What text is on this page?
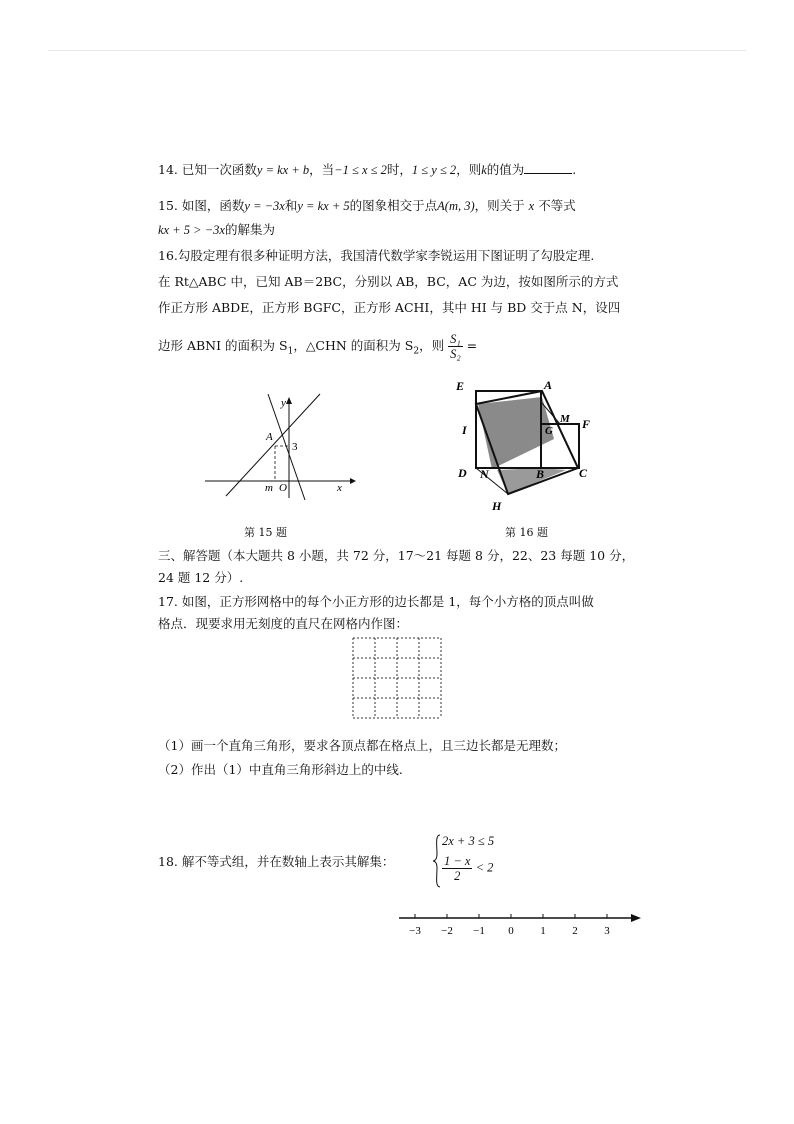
14. 已知一次函数y = kx + b，当−1 ≤ x ≤ 2时，1 ≤ y ≤ 2，则k的值为	.
15. 如图，函数y = −3x和y = kx + 5的图象相交于点A(m, 3)，则关于 x 不等式
kx + 5 > −3x的解集为
16.勾股定理有很多种证明方法，我国清代数学家李锐运用下图证明了勾股定理.
在 Rt△ABC 中，已知 AB＝2BC，分别以 AB，BC，AC 为边，按如图所示的方式
作正方形 ABDE，正方形 BGFC，正方形 ACHI，其中 HI 与 BD 交于点 N，设四
边形 ABNI 的面积为 $S_1$，△CHN 的面积为 $S_2$，则 $\frac{\text{S₁}}{\text{S₂}}$ =
y
x
A
3
m O
第 15 题
E	A
M F
I	G
D N	B	C
H
第 16 题
三、解答题（本大题共 8 小题，共 72 分，17～21 每题 8 分，22、23 每题 10 分，
24 题 12 分）.
17. 如图，正方形网格中的每个小正方形的边长都是 1，每个小方格的顶点叫做
格点．现要求用无刻度的直尺在网格内作图：
（1）画一个直角三角形，要求各顶点都在格点上，且三边长都是无理数；
（2）作出（1）中直角三角形斜边上的中线.
18. 解不等式组，并在数轴上表示其解集：
2x + 3 ≤ 5
$\frac{1 - x}{2} < 2$
−3 −2 −1 0 1 2 3
